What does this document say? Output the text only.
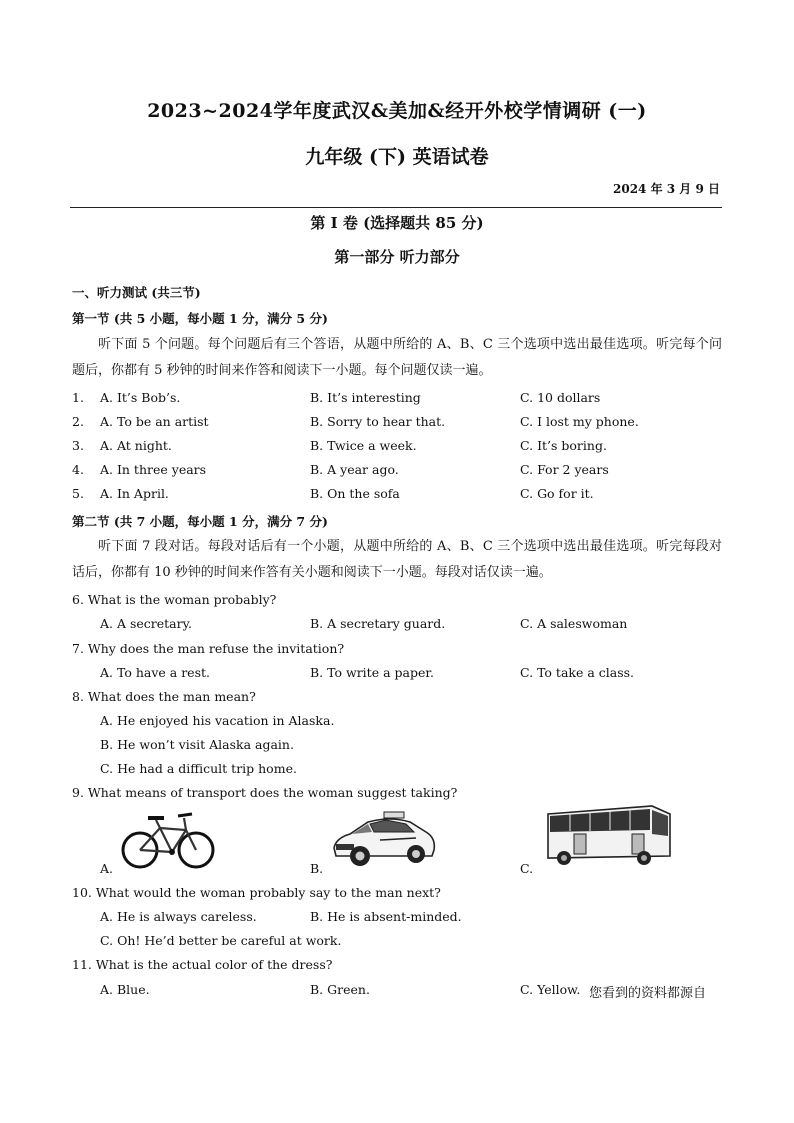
2023~2024学年度武汉&美加&经开外校学情调研 (一)
九年级 (下) 英语试卷
2024 年 3 月 9 日
第 I 卷 (选择题共 85 分)
第一部分 听力部分
一、听力测试 (共三节)
第一节 (共 5 小题，每小题 1 分，满分 5 分)
听下面 5 个问题。每个问题后有三个答语，从题中所给的 A、B、C 三个选项中选出最佳选项。听完每个问题后，你都有 5 秒钟的时间来作答和阅读下一小题。每个问题仅读一遍。
1. A. It’s Bob’s.	B. It’s interesting	C. 10 dollars
2. A. To be an artist	B. Sorry to hear that.	C. I lost my phone.
3. A. At night.	B. Twice a week.	C. It’s boring.
4. A. In three years	B. A year ago.	C. For 2 years
5. A. In April.	B. On the sofa	C. Go for it.
第二节 (共 7 小题，每小题 1 分，满分 7 分)
听下面 7 段对话。每段对话后有一个小题，从题中所给的 A、B、C 三个选项中选出最佳选项。听完每段对话后，你都有 10 秒钟的时间来作答有关小题和阅读下一小题。每段对话仅读一遍。
6. What is the woman probably?
A. A secretary.	B. A secretary guard.	C. A saleswoman
7. Why does the man refuse the invitation?
A. To have a rest.	B. To write a paper.	C. To take a class.
8. What does the man mean?
A. He enjoyed his vacation in Alaska.
B. He won’t visit Alaska again.
C. He had a difficult trip home.
9. What means of transport does the woman suggest taking?
A.	B.	C.
10. What would the woman probably say to the man next?
A. He is always careless.	B. He is absent-minded.
C. Oh! He’d better be careful at work.
11. What is the actual color of the dress?
A. Blue.	B. Green.	C. Yellow. 您看到的资料都源自
